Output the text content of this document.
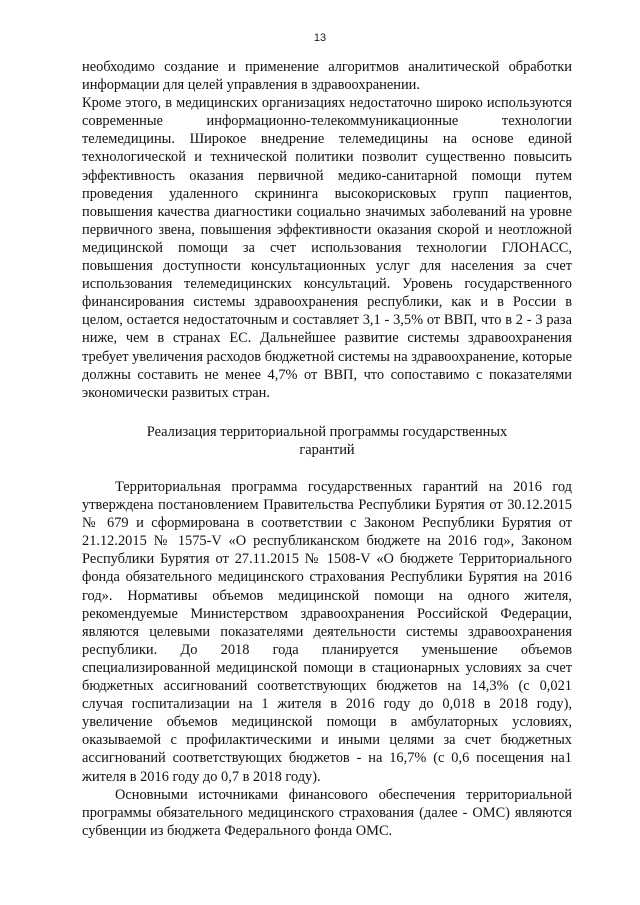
13

необходимо создание и применение алгоритмов аналитической обработки информации для целей управления в здравоохранении.

Кроме этого, в медицинских организациях недостаточно широко используются современные информационно-телекоммуникационные технологии телемедицины. Широкое внедрение телемедицины на основе единой технологической и технической политики позволит существенно повысить эффективность оказания первичной медико-санитарной помощи путем проведения удаленного скрининга высокорисковых групп пациентов, повышения качества диагностики социально значимых заболеваний на уровне первичного звена, повышения эффективности оказания скорой и неотложной медицинской помощи за счет использования технологии ГЛОНАСС, повышения доступности консультационных услуг для населения за счет использования телемедицинских консультаций. Уровень государственного финансирования системы здравоохранения республики, как и в России в целом, остается недостаточным и составляет 3,1 - 3,5% от ВВП, что в 2 - 3 раза ниже, чем в странах ЕС. Дальнейшее развитие системы здравоохранения требует увеличения расходов бюджетной системы на здравоохранение, которые должны составить не менее 4,7% от ВВП, что сопоставимо с показателями экономически развитых стран.

Реализация территориальной программы государственных
гарантий

Территориальная программа государственных гарантий на 2016 год утверждена постановлением Правительства Республики Бурятия от 30.12.2015 № 679 и сформирована в соответствии с Законом Республики Бурятия от 21.12.2015 № 1575-V «О республиканском бюджете на 2016 год», Законом Республики Бурятия от 27.11.2015 № 1508-V «О бюджете Территориального фонда обязательного медицинского страхования Республики Бурятия на 2016 год». Нормативы объемов медицинской помощи на одного жителя, рекомендуемые Министерством здравоохранения Российской Федерации, являются целевыми показателями деятельности системы здравоохранения республики. До 2018 года планируется уменьшение объемов специализированной медицинской помощи в стационарных условиях за счет бюджетных ассигнований соответствующих бюджетов на 14,3% (с 0,021 случая госпитализации на 1 жителя в 2016 году до 0,018 в 2018 году), увеличение объемов медицинской помощи в амбулаторных условиях, оказываемой с профилактическими и иными целями за счет бюджетных ассигнований соответствующих бюджетов - на 16,7% (с 0,6 посещения на1 жителя в 2016 году до 0,7 в 2018 году).

Основными источниками финансового обеспечения территориальной программы обязательного медицинского страхования (далее - ОМС) являются субвенции из бюджета Федерального фонда ОМС.
